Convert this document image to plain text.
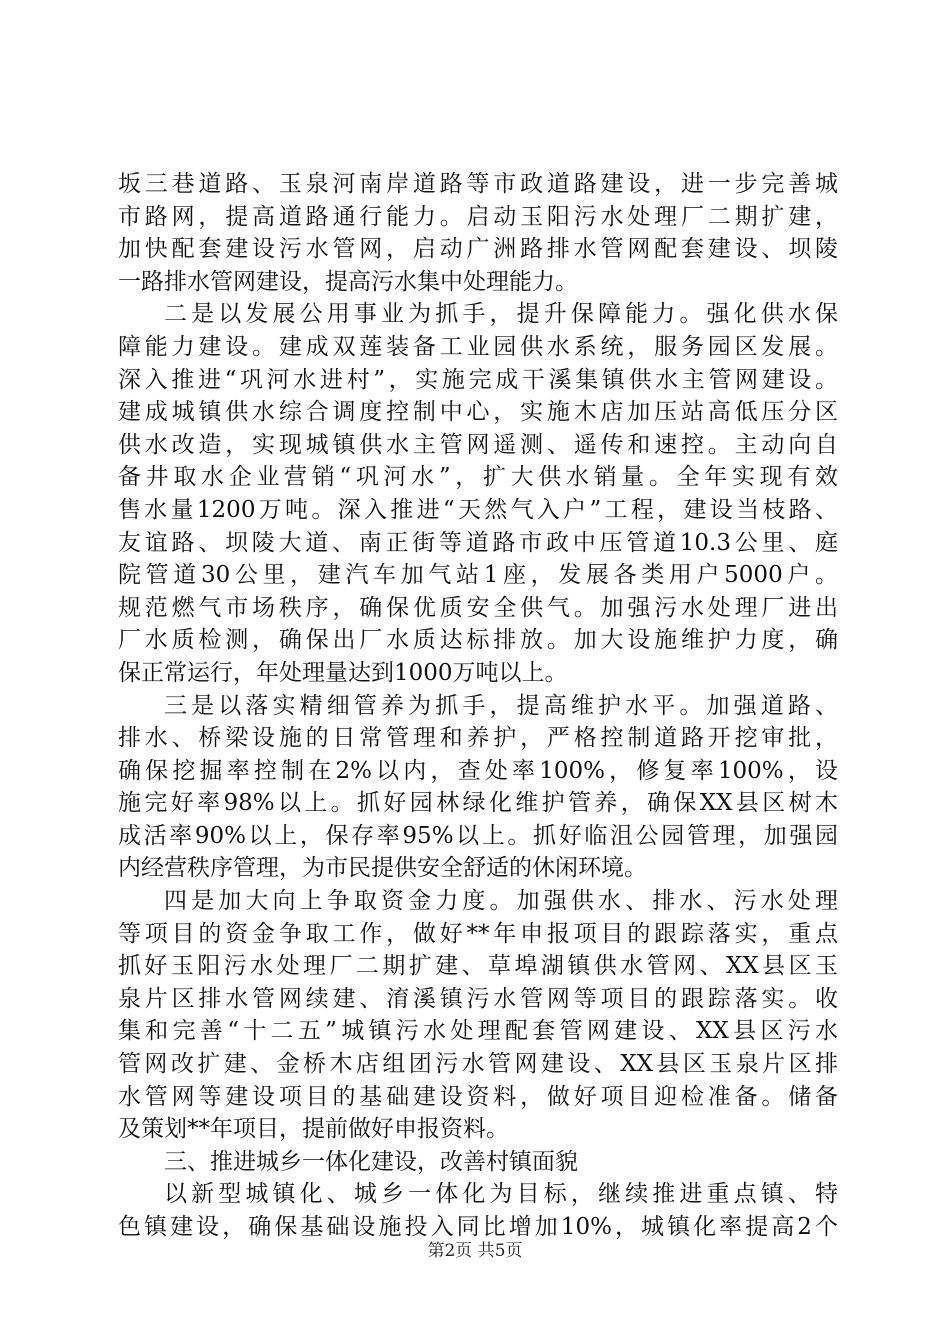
坂三巷道路、玉泉河南岸道路等市政道路建设，进一步完善城
市路网，提高道路通行能力。启动玉阳污水处理厂二期扩建，
加快配套建设污水管网，启动广洲路排水管网配套建设、坝陵
一路排水管网建设，提高污水集中处理能力。
二是以发展公用事业为抓手，提升保障能力。强化供水保
障能力建设。建成双莲装备工业园供水系统，服务园区发展。
深入推进“巩河水进村”，实施完成干溪集镇供水主管网建设。
建成城镇供水综合调度控制中心，实施木店加压站高低压分区
供水改造，实现城镇供水主管网遥测、遥传和速控。主动向自
备井取水企业营销“巩河水”，扩大供水销量。全年实现有效
售水量1200万吨。深入推进“天然气入户”工程，建设当枝路、
友谊路、坝陵大道、南正街等道路市政中压管道10.3公里、庭
院管道30公里，建汽车加气站1座，发展各类用户5000户。
规范燃气市场秩序，确保优质安全供气。加强污水处理厂进出
厂水质检测，确保出厂水质达标排放。加大设施维护力度，确
保正常运行，年处理量达到1000万吨以上。
三是以落实精细管养为抓手，提高维护水平。加强道路、
排水、桥梁设施的日常管理和养护，严格控制道路开挖审批，
确保挖掘率控制在2%以内，查处率100%，修复率100%，设
施完好率98%以上。抓好园林绿化维护管养，确保XX县区树木
成活率90%以上，保存率95%以上。抓好临沮公园管理，加强园
内经营秩序管理，为市民提供安全舒适的休闲环境。
四是加大向上争取资金力度。加强供水、排水、污水处理
等项目的资金争取工作，做好**年申报项目的跟踪落实，重点
抓好玉阳污水处理厂二期扩建、草埠湖镇供水管网、XX县区玉
泉片区排水管网续建、淯溪镇污水管网等项目的跟踪落实。收
集和完善“十二五”城镇污水处理配套管网建设、XX县区污水
管网改扩建、金桥木店组团污水管网建设、XX县区玉泉片区排
水管网等建设项目的基础建设资料，做好项目迎检准备。储备
及策划**年项目，提前做好申报资料。
三、推进城乡一体化建设，改善村镇面貌
以新型城镇化、城乡一体化为目标，继续推进重点镇、特
色镇建设，确保基础设施投入同比增加10%，城镇化率提高2个
第2页 共5页
